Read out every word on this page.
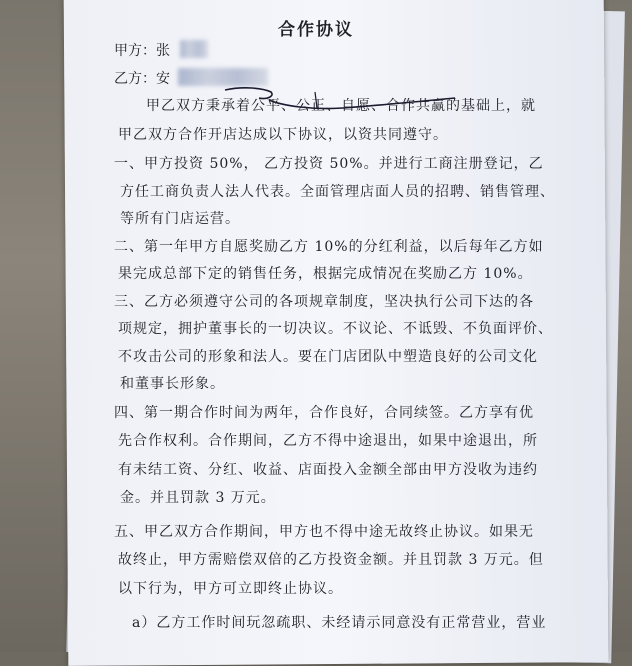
合作协议
甲方：张
乙方：安
甲乙双方秉承着公平、公正、自愿、合作共赢的基础上，就
甲乙双方合作开店达成以下协议，以资共同遵守。
一、甲方投资 50%， 乙方投资 50%。并进行工商注册登记，乙
方任工商负责人法人代表。全面管理店面人员的招聘、销售管理、
等所有门店运营。
二、第一年甲方自愿奖励乙方 10%的分红利益，以后每年乙方如
果完成总部下定的销售任务，根据完成情况在奖励乙方 10%。
三、乙方必须遵守公司的各项规章制度，坚决执行公司下达的各
项规定，拥护董事长的一切决议。不议论、不诋毁、不负面评价、
不攻击公司的形象和法人。要在门店团队中塑造良好的公司文化
和董事长形象。
四、第一期合作时间为两年，合作良好，合同续签。乙方享有优
先合作权利。合作期间，乙方不得中途退出，如果中途退出，所
有未结工资、分红、收益、店面投入金额全部由甲方没收为违约
金。并且罚款 3 万元。
五、甲乙双方合作期间，甲方也不得中途无故终止协议。如果无
故终止，甲方需赔偿双倍的乙方投资金额。并且罚款 3 万元。但
以下行为，甲方可立即终止协议。
a）乙方工作时间玩忽疏职、未经请示同意没有正常营业，营业
